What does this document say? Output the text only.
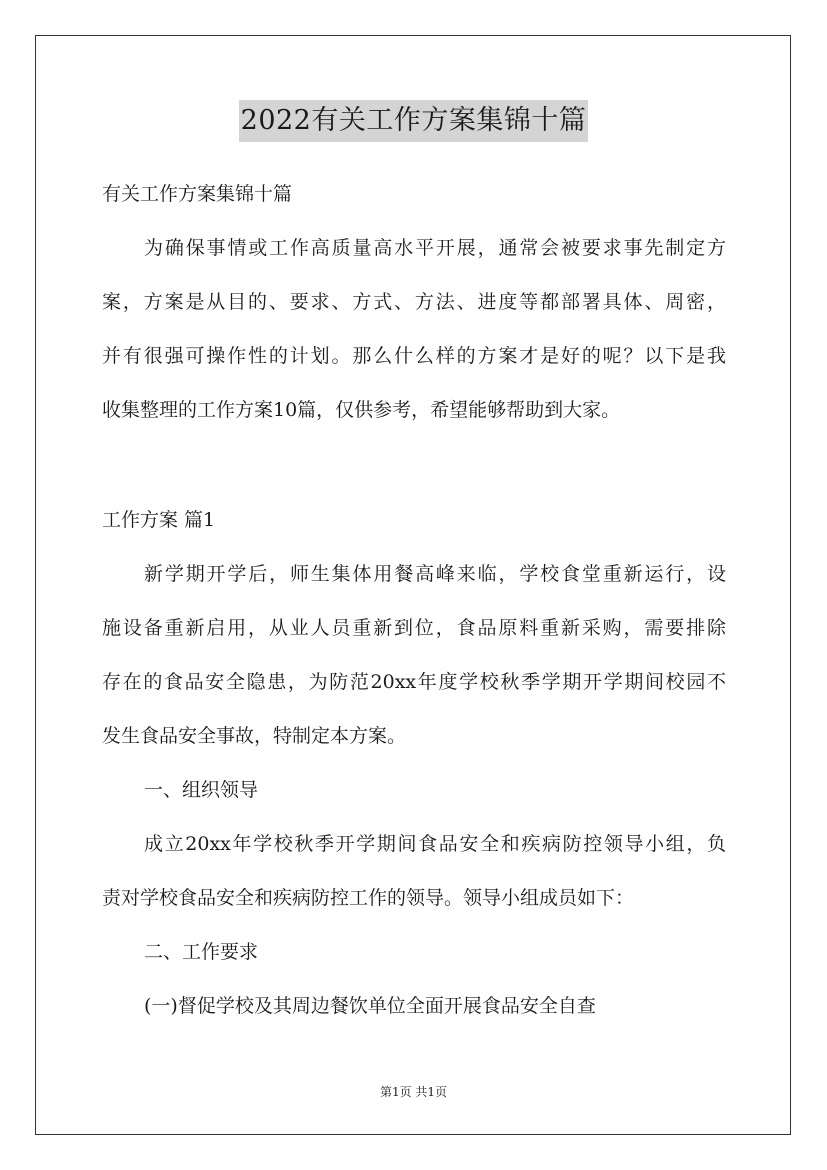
2022有关工作方案集锦十篇
有关工作方案集锦十篇
为确保事情或工作高质量高水平开展，通常会被要求事先制定方
案，方案是从目的、要求、方式、方法、进度等都部署具体、周密，
并有很强可操作性的计划。那么什么样的方案才是好的呢？以下是我
收集整理的工作方案10篇，仅供参考，希望能够帮助到大家。
工作方案 篇1
新学期开学后，师生集体用餐高峰来临，学校食堂重新运行，设
施设备重新启用，从业人员重新到位，食品原料重新采购，需要排除
存在的食品安全隐患，为防范20xx年度学校秋季学期开学期间校园不
发生食品安全事故，特制定本方案。
一、组织领导
成立20xx年学校秋季开学期间食品安全和疾病防控领导小组，负
责对学校食品安全和疾病防控工作的领导。领导小组成员如下：
二、工作要求
(一)督促学校及其周边餐饮单位全面开展食品安全自查
第1页 共1页
